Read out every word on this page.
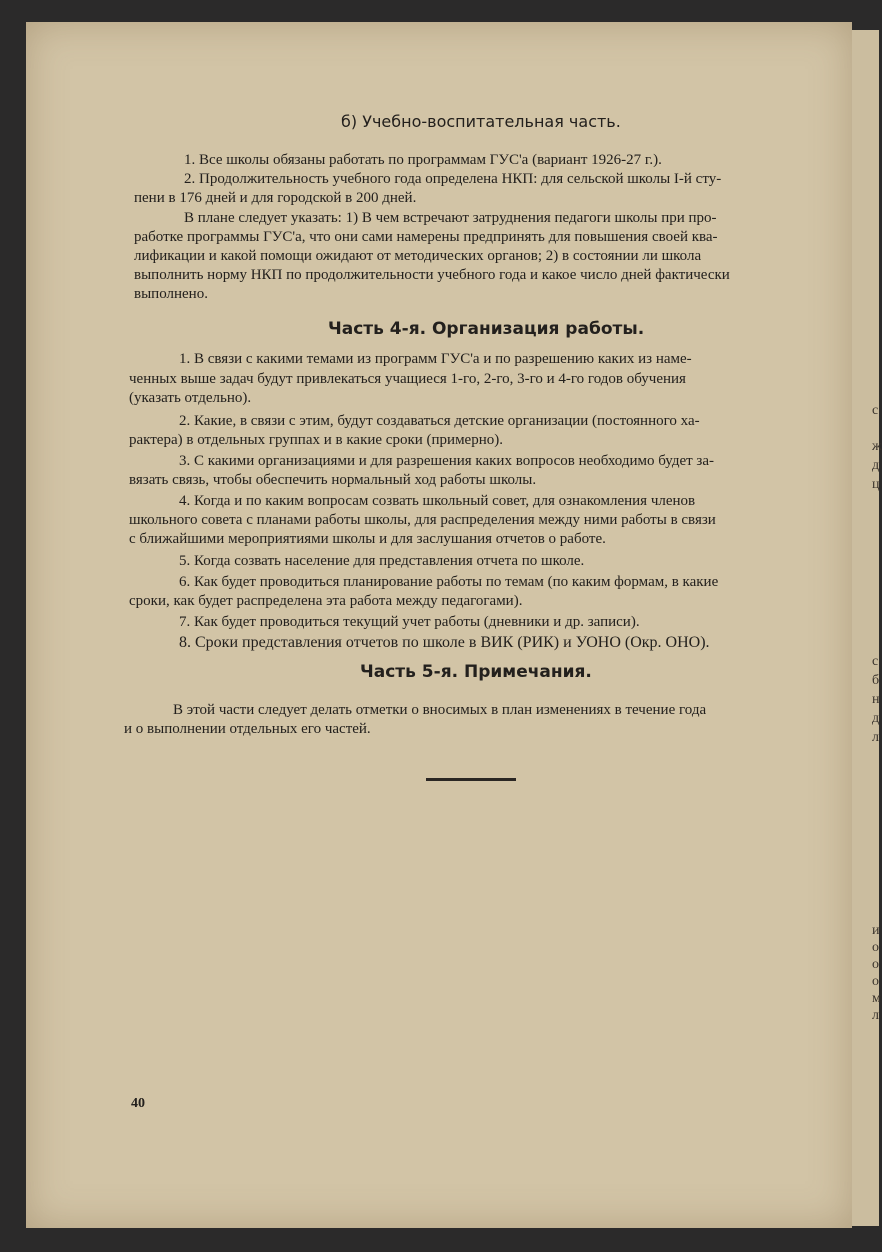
б) Учебно-воспитательная часть.
1. Все школы обязаны работать по программам ГУС'а (вариант 1926-27 г.).
2. Продолжительность учебного года определена НКП: для сельской школы I-й сту-
пени в 176 дней и для городской в 200 дней.
В плане следует указать: 1) В чем встречают затруднения педагоги школы при про-
работке программы ГУС'а, что они сами намерены предпринять для повышения своей ква-
лификации и какой помощи ожидают от методических органов; 2) в состоянии ли школа
выполнить норму НКП по продолжительности учебного года и какое число дней фактически
выполнено.
Часть 4-я. Организация работы.
1. В связи с какими темами из программ ГУС'а и по разрешению каких из наме-
ченных выше задач будут привлекаться учащиеся 1-го, 2-го, 3-го и 4-го годов обучения
(указать отдельно).
2. Какие, в связи с этим, будут создаваться детские организации (постоянного ха-
рактера) в отдельных группах и в какие сроки (примерно).
3. С какими организациями и для разрешения каких вопросов необходимо будет за-
вязать связь, чтобы обеспечить нормальный ход работы школы.
4. Когда и по каким вопросам созвать школьный совет, для ознакомления членов
школьного совета с планами работы школы, для распределения между ними работы в связи
с ближайшими мероприятиями школы и для заслушания отчетов о работе.
5. Когда созвать население для представления отчета по школе.
6. Как будет проводиться планирование работы по темам (по каким формам, в какие
сроки, как будет распределена эта работа между педагогами).
7. Как будет проводиться текущий учет работы (дневники и др. записи).
8. Сроки представления отчетов по школе в ВИК (РИК) и УОНО (Окр. ОНО).
Часть 5-я. Примечания.
В этой части следует делать отметки о вносимых в план изменениях в течение года
и о выполнении отдельных его частей.
40
с
ж
д
ц
с
б
н
д
л
и
о
о
о
м
л
